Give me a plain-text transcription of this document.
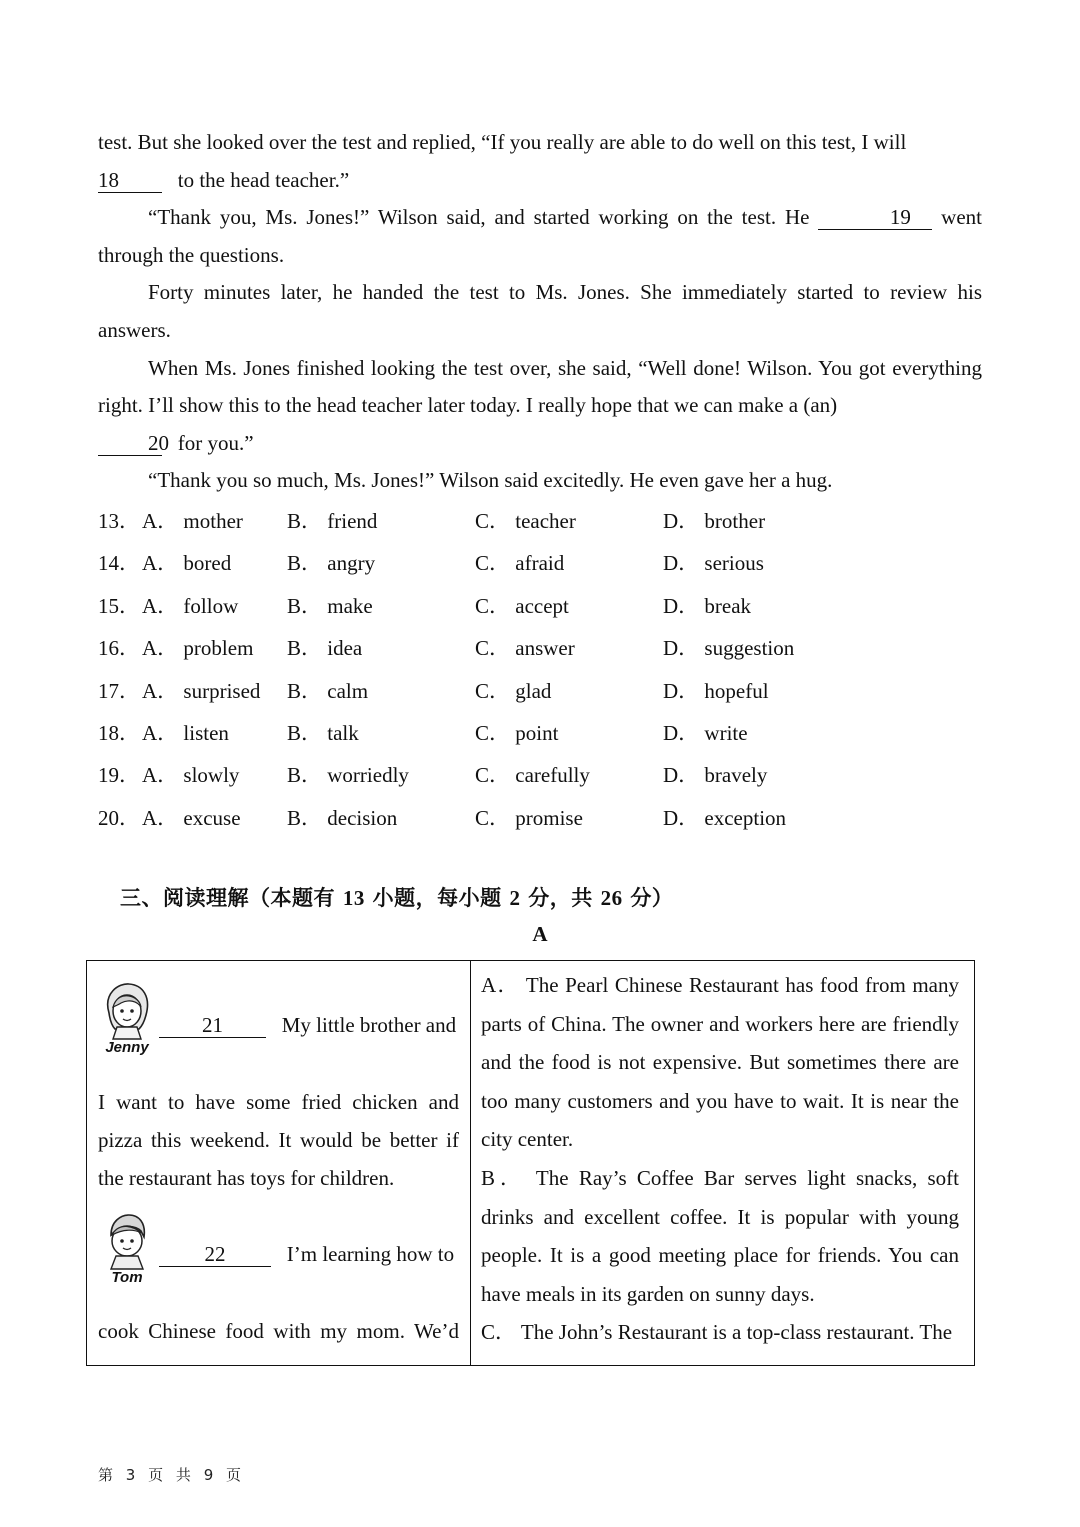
test. But she looked over the test and replied, “If you really are able to do well on this test, I will
18	to the head teacher.”

“Thank you, Ms. Jones!” Wilson said, and started working on the test. He	19 went through the questions.

Forty minutes later, he handed the test to Ms. Jones. She immediately started to review his answers.

When Ms. Jones finished looking the test over, she said, “Well done! Wilson. You got everything right. I’ll show this to the head teacher later today. I really hope that we can make a (an)
20 for you.”

“Thank you so much, Ms. Jones!” Wilson said excitedly. He even gave her a hug.

13． A． mother B． friend	C． teacher	D． brother
14． A． bored	B． angry	C． afraid	D． serious
15． A． follow B． make	C． accept	D． break
16． A． problem B． idea	C． answer	D． suggestion
17． A． surprised B． calm	C． glad	D． hopeful
18． A． listen	B． talk	C． point	D． write
19． A． slowly B． worriedly	C． carefully	D． bravely
20． A． excuse B． decision	C． promise	D． exception
三、阅读理解（本题有 13 小题，每小题 2 分，共 26 分）
A
Jenny
21	My little brother and
I want to have some fried chicken and
pizza this weekend. It would be better if
the restaurant has toys for children.
Tom
22	I’m learning how to
cook Chinese food with my mom. We’d

A． The Pearl Chinese Restaurant has food from many parts of China. The owner and workers here are friendly and the food is not expensive. But sometimes there are too many customers and you have to wait. It is near the city center.

B． The Ray’s Coffee Bar serves light snacks, soft drinks and excellent coffee. It is popular with young people. It is a good meeting place for friends. You can have meals in its garden on sunny days.

C． The John’s Restaurant is a top-class restaurant. The

第 3 页 共 9 页
